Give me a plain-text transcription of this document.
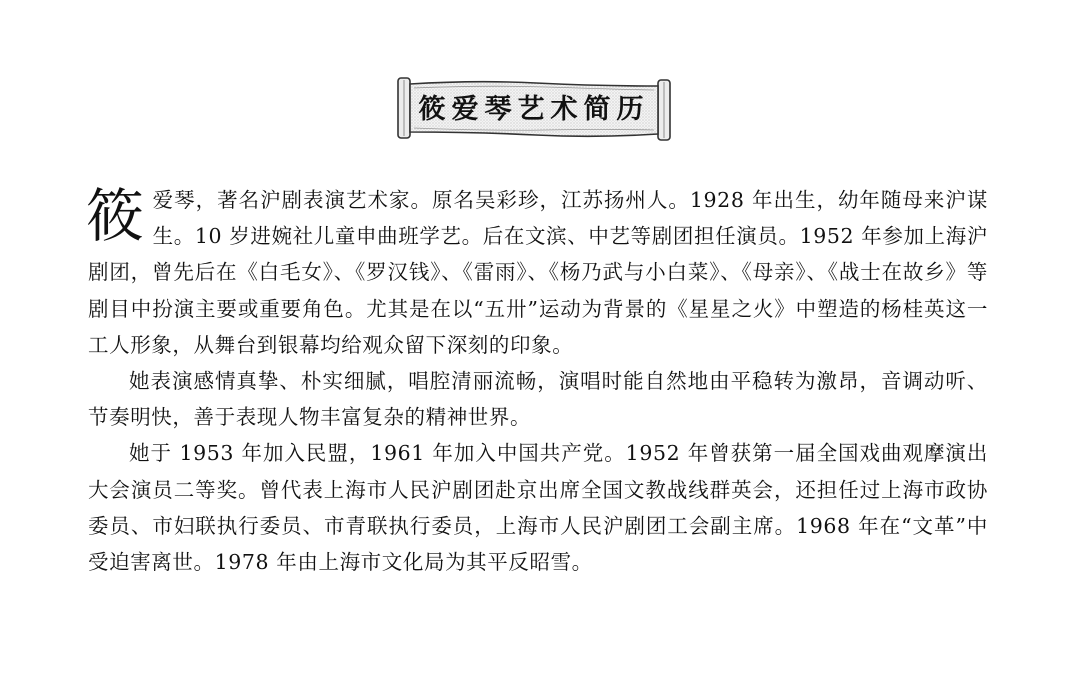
筱爱琴艺术简历

筱 爱琴，著名沪剧表演艺术家。原名吴彩珍，江苏扬州人。1928 年出生，幼年随母来沪谋生。10 岁进婉社儿童申曲班学艺。后在文滨、中艺等剧团担任演员。1952 年参加上海沪剧团，曾先后在《白毛女》、《罗汉钱》、《雷雨》、《杨乃武与小白菜》、《母亲》、《战士在故乡》等剧目中扮演主要或重要角色。尤其是在以“五卅”运动为背景的《星星之火》中塑造的杨桂英这一工人形象，从舞台到银幕均给观众留下深刻的印象。

她表演感情真挚、朴实细腻，唱腔清丽流畅，演唱时能自然地由平稳转为激昂，音调动听、节奏明快，善于表现人物丰富复杂的精神世界。

她于 1953 年加入民盟，1961 年加入中国共产党。1952 年曾获第一届全国戏曲观摩演出大会演员二等奖。曾代表上海市人民沪剧团赴京出席全国文教战线群英会，还担任过上海市政协委员、市妇联执行委员、市青联执行委员，上海市人民沪剧团工会副主席。1968 年在“文革”中受迫害离世。1978 年由上海市文化局为其平反昭雪。
